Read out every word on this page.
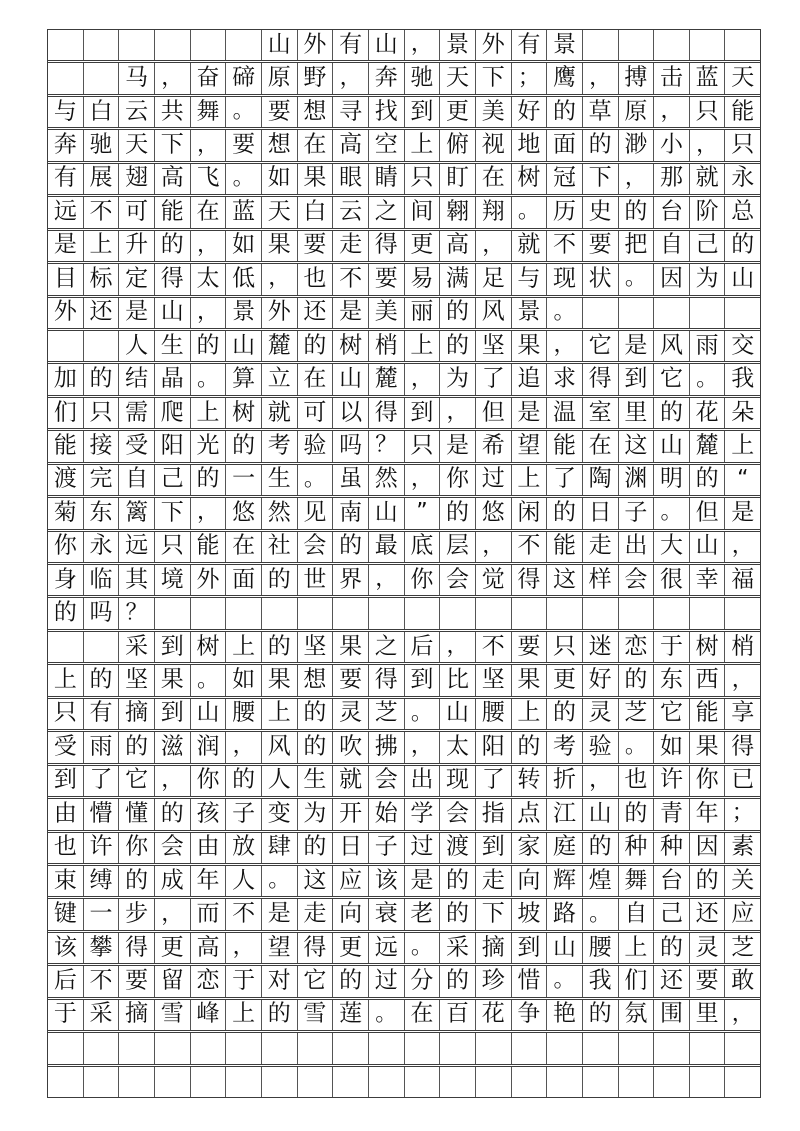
山 外 有 山 ， 景 外 有 景
马 ， 奋 碲 原 野 ， 奔 驰 天 下 ； 鹰 ， 搏 击 蓝 天
与 白 云 共 舞 。 要 想 寻 找 到 更 美 好 的 草 原 ， 只 能
奔 驰 天 下 ， 要 想 在 高 空 上 俯 视 地 面 的 渺 小 ， 只
有 展 翅 高 飞 。 如 果 眼 睛 只 盯 在 树 冠 下 ， 那 就 永
远 不 可 能 在 蓝 天 白 云 之 间 翱 翔 。 历 史 的 台 阶 总
是 上 升 的 ， 如 果 要 走 得 更 高 ， 就 不 要 把 自 己 的
目 标 定 得 太 低 ， 也 不 要 易 满 足 与 现 状 。 因 为 山
外 还 是 山 ， 景 外 还 是 美 丽 的 风 景 。
人 生 的 山 麓 的 树 梢 上 的 坚 果 ， 它 是 风 雨 交
加 的 结 晶 。 算 立 在 山 麓 ， 为 了 追 求 得 到 它 。 我
们 只 需 爬 上 树 就 可 以 得 到 ， 但 是 温 室 里 的 花 朵
能 接 受 阳 光 的 考 验 吗 ？ 只 是 希 望 能 在 这 山 麓 上
渡 完 自 己 的 一 生 。 虽 然 ， 你 过 上 了 陶 渊 明 的 “
菊 东 篱 下 ， 悠 然 见 南 山 ” 的 悠 闲 的 日 子 。 但 是
你 永 远 只 能 在 社 会 的 最 底 层 ， 不 能 走 出 大 山 ，
身 临 其 境 外 面 的 世 界 ， 你 会 觉 得 这 样 会 很 幸 福
的 吗 ？
采 到 树 上 的 坚 果 之 后 ， 不 要 只 迷 恋 于 树 梢
上 的 坚 果 。 如 果 想 要 得 到 比 坚 果 更 好 的 东 西 ，
只 有 摘 到 山 腰 上 的 灵 芝 。 山 腰 上 的 灵 芝 它 能 享
受 雨 的 滋 润 ， 风 的 吹 拂 ， 太 阳 的 考 验 。 如 果 得
到 了 它 ， 你 的 人 生 就 会 出 现 了 转 折 ， 也 许 你 已
由 懵 懂 的 孩 子 变 为 开 始 学 会 指 点 江 山 的 青 年 ；
也 许 你 会 由 放 肆 的 日 子 过 渡 到 家 庭 的 种 种 因 素
束 缚 的 成 年 人 。 这 应 该 是 的 走 向 辉 煌 舞 台 的 关
键 一 步 ， 而 不 是 走 向 衰 老 的 下 坡 路 。 自 己 还 应
该 攀 得 更 高 ， 望 得 更 远 。 采 摘 到 山 腰 上 的 灵 芝
后 不 要 留 恋 于 对 它 的 过 分 的 珍 惜 。 我 们 还 要 敢
于 采 摘 雪 峰 上 的 雪 莲 。 在 百 花 争 艳 的 氛 围 里 ，
